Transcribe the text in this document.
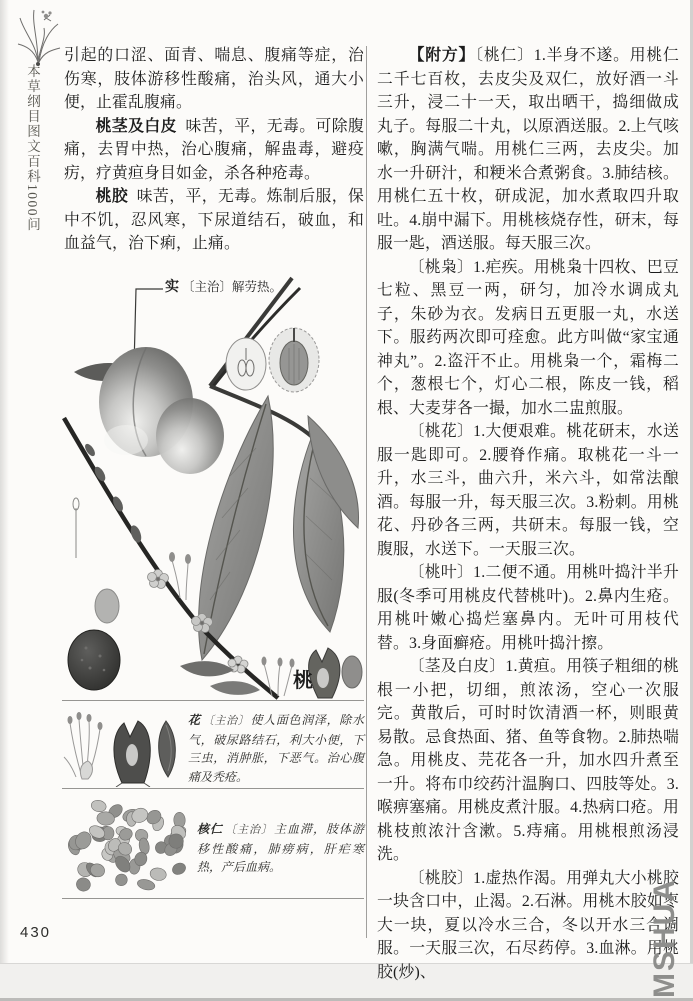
本草纲目图文百科1000问

引起的口涩、面青、喘息、腹痛等症，治伤寒，肢体游移性酸痛，治头风，通大小便，止霍乱腹痛。

桃茎及白皮 味苦，平，无毒。可除腹痛，去胃中热，治心腹痛，解蛊毒，避疫疠，疗黄疸身目如金，杀各种疮毒。

桃胶 味苦，平，无毒。炼制后服，保中不饥，忍风寒，下尿道结石，破血，和血益气，治下痢，止痛。

【附方】〔桃仁〕1.半身不遂。用桃仁二千七百枚，去皮尖及双仁，放好酒一斗三升，浸二十一天，取出晒干，捣细做成丸子。每服二十丸，以原酒送服。2.上气咳嗽，胸满气喘。用桃仁三两，去皮尖。加水一升研汁，和粳米合煮粥食。3.肺结核。用桃仁五十枚，研成泥，加水煮取四升取吐。4.崩中漏下。用桃核烧存性，研末，每服一匙，酒送服。每天服三次。

〔桃枭〕1.疟疾。用桃枭十四枚、巴豆七粒、黑豆一两，研匀，加冷水调成丸子，朱砂为衣。发病日五更服一丸，水送下。服药两次即可痊愈。此方叫做“家宝通神丸”。2.盗汗不止。用桃枭一个，霜梅二个，葱根七个，灯心二根，陈皮一钱，稻根、大麦芽各一撮，加水二盅煎服。

〔桃花〕1.大便艰难。桃花研末，水送服一匙即可。2.腰脊作痛。取桃花一斗一升，水三斗，曲六升，米六斗，如常法酿酒。每服一升，每天服三次。3.粉刺。用桃花、丹砂各三两，共研末。每服一钱，空腹服，水送下。一天服三次。

〔桃叶〕1.二便不通。用桃叶捣汁半升服(冬季可用桃皮代替桃叶)。2.鼻内生疮。用桃叶嫩心捣烂塞鼻内。无叶可用枝代替。3.身面癣疮。用桃叶捣汁擦。

〔茎及白皮〕1.黄疸。用筷子粗细的桃根一小把，切细，煎浓汤，空心一次服完。黄散后，可时时饮清酒一杯，则眼黄易散。忌食热面、猪、鱼等食物。2.肺热喘急。用桃皮、芫花各一升，加水四升煮至一升。将布巾绞药汁温胸口、四肢等处。3.喉痹塞痛。用桃皮煮汁服。4.热病口疮。用桃枝煎浓汁含漱。5.痔痛。用桃根煎汤浸洗。

〔桃胶〕1.虚热作渴。用弹丸大小桃胶一块含口中，止渴。2.石淋。用桃木胶如枣大一块，夏以冷水三合，冬以开水三合调服。一天服三次，石尽药停。3.血淋。用桃胶(炒)、

实 〔主治〕解劳热。
桃
花 〔主治〕使人面色润泽，除水气，破尿路结石，利大小便，下三虫，消肿胀，下恶气。治心腹痛及秃疮。
核仁 〔主治〕主血滞，肢体游移性酸痛，肺痨病，肝疟寒热，产后血病。
430	MSHUA
